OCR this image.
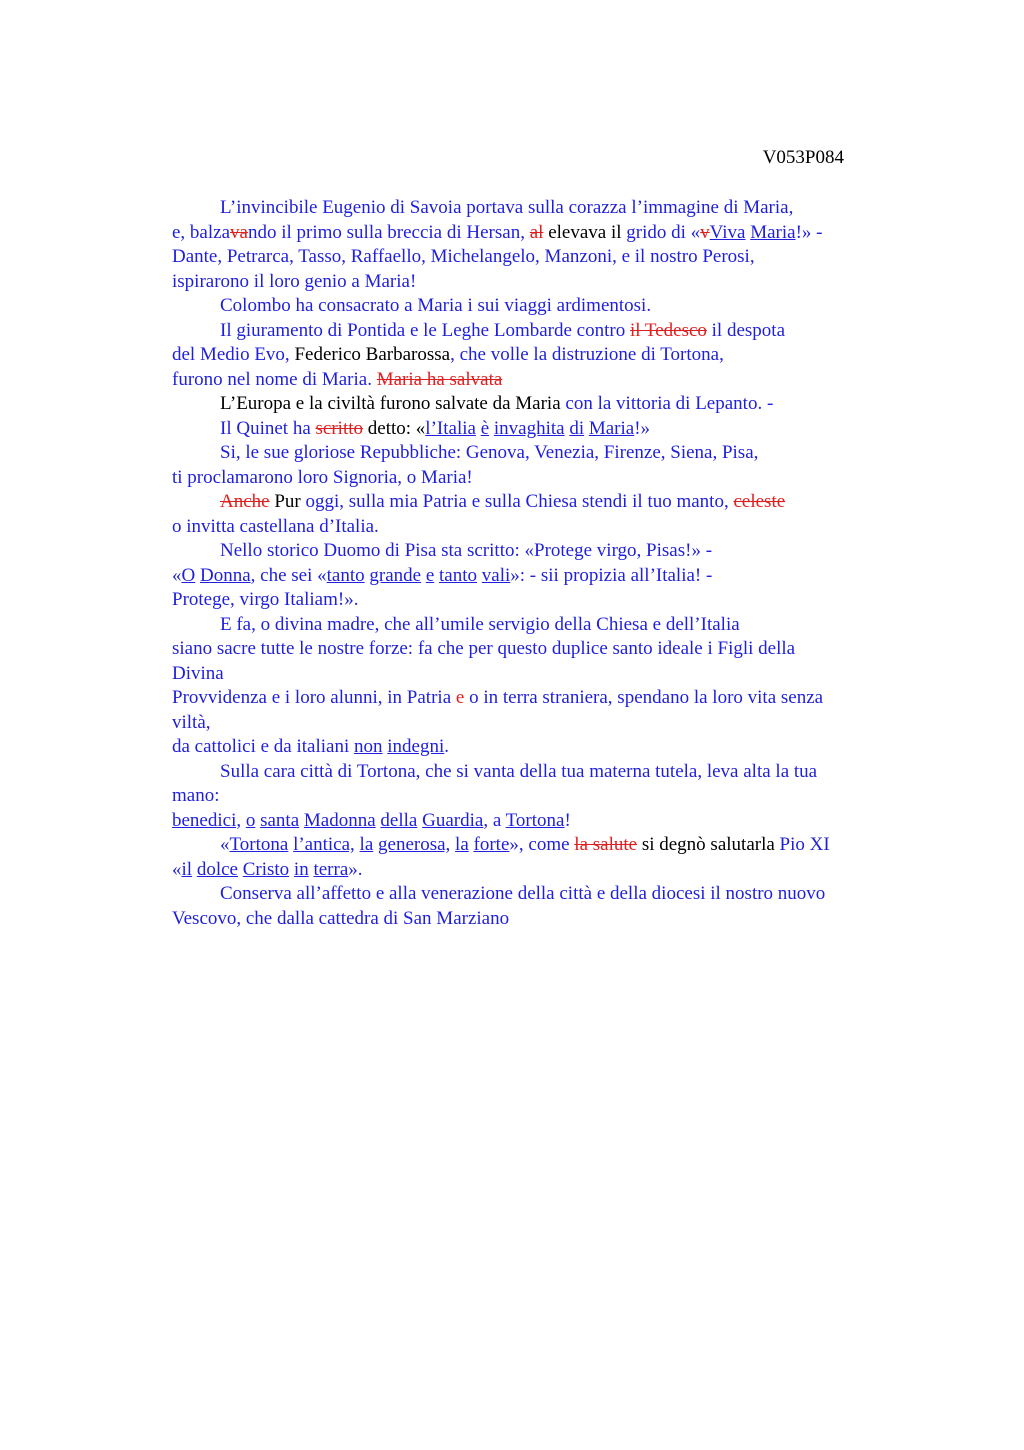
V053P084
L’invincibile Eugenio di Savoia portava sulla corazza l’immagine di Maria,
e, balzavando il primo sulla breccia di Hersan, al elevava il grido di «vViva Maria!» -
Dante, Petrarca, Tasso, Raffaello, Michelangelo, Manzoni, e il nostro Perosi,
ispirarono il loro genio a Maria!
Colombo ha consacrato a Maria i sui viaggi ardimentosi.
Il giuramento di Pontida e le Leghe Lombarde contro il Tedesco il despota
del Medio Evo, Federico Barbarossa, che volle la distruzione di Tortona,
furono nel nome di Maria. Maria ha salvata
L’Europa e la civiltà furono salvate da Maria con la vittoria di Lepanto. -
Il Quinet ha scritto detto: «l’Italia è invaghita di Maria!»
Si, le sue gloriose Repubbliche: Genova, Venezia, Firenze, Siena, Pisa,
ti proclamarono loro Signoria, o Maria!
Anche Pur oggi, sulla mia Patria e sulla Chiesa stendi il tuo manto, celeste
o invitta castellana d’Italia.
Nello storico Duomo di Pisa sta scritto: «Protege virgo, Pisas!» -
«O Donna, che sei «tanto grande e tanto vali»: - sii propizia all’Italia! -
Protege, virgo Italiam!».
E fa, o divina madre, che all’umile servigio della Chiesa e dell’Italia
siano sacre tutte le nostre forze: fa che per questo duplice santo ideale i Figli della
Divina
Provvidenza e i loro alunni, in Patria e o in terra straniera, spendano la loro vita senza
viltà,
da cattolici e da italiani non indegni.
Sulla cara città di Tortona, che si vanta della tua materna tutela, leva alta la tua
mano:
benedici, o santa Madonna della Guardia, a Tortona!
«Tortona l’antica, la generosa, la forte», come la salute si degnò salutarla Pio XI
«il dolce Cristo in terra».
Conserva all’affetto e alla venerazione della città e della diocesi il nostro nuovo
Vescovo, che dalla cattedra di San Marziano
